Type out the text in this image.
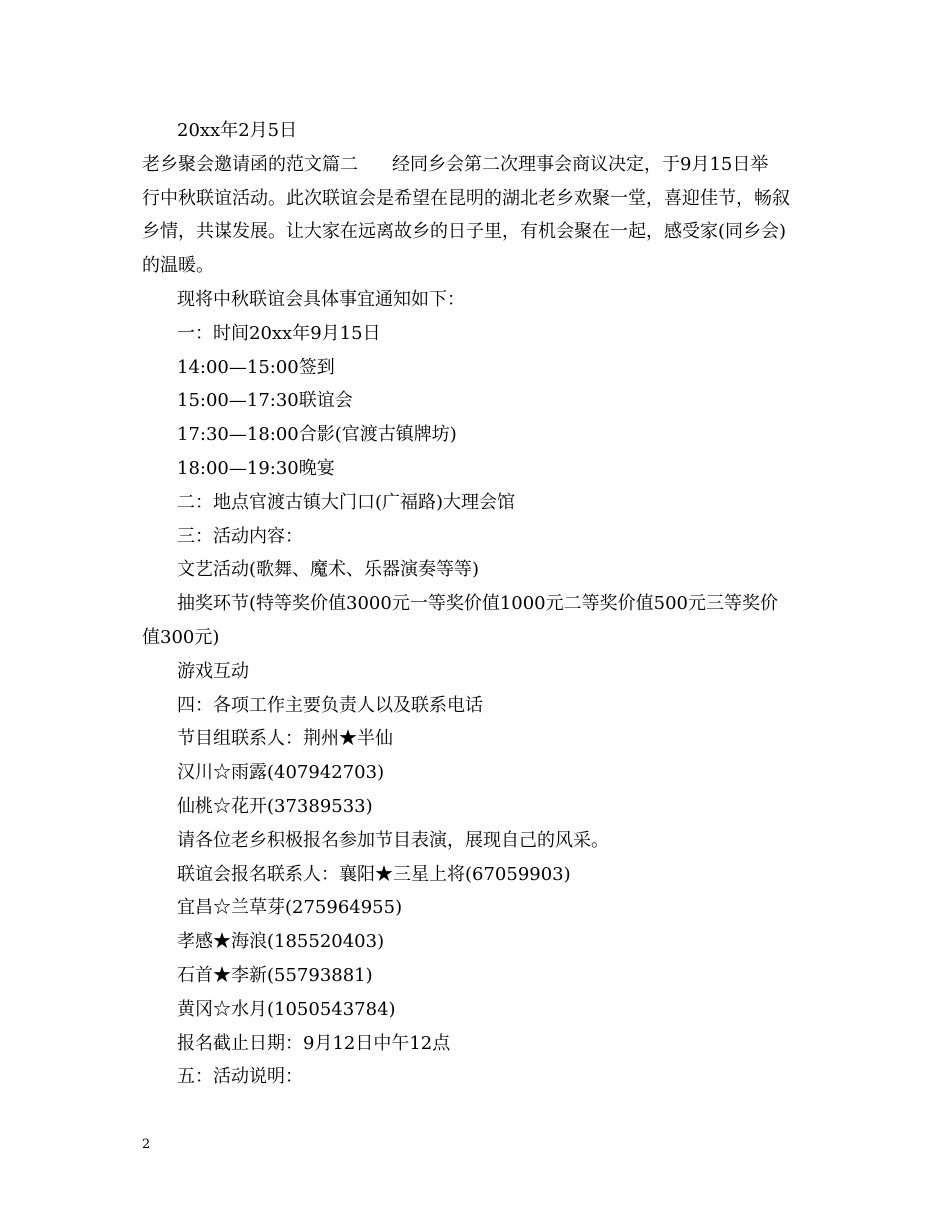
20xx年2月5日
老乡聚会邀请函的范文篇二 经同乡会第二次理事会商议决定，于9月15日举
行中秋联谊活动。此次联谊会是希望在昆明的湖北老乡欢聚一堂，喜迎佳节，畅叙
乡情，共谋发展。让大家在远离故乡的日子里，有机会聚在一起，感受家(同乡会)
的温暖。
现将中秋联谊会具体事宜通知如下：
一：时间20xx年9月15日
14:00—15:00签到
15:00—17:30联谊会
17:30—18:00合影(官渡古镇牌坊)
18:00—19:30晚宴
二：地点官渡古镇大门口(广福路)大理会馆
三：活动内容：
文艺活动(歌舞、魔术、乐器演奏等等)
抽奖环节(特等奖价值3000元一等奖价值1000元二等奖价值500元三等奖价
值300元)
游戏互动
四：各项工作主要负责人以及联系电话
节目组联系人：荆州★半仙
汉川☆雨露(407942703)
仙桃☆花开(37389533)
请各位老乡积极报名参加节目表演，展现自己的风采。
联谊会报名联系人：襄阳★三星上将(67059903)
宜昌☆兰草芽(275964955)
孝感★海浪(185520403)
石首★李新(55793881)
黄冈☆水月(1050543784)
报名截止日期：9月12日中午12点
五：活动说明：
2
